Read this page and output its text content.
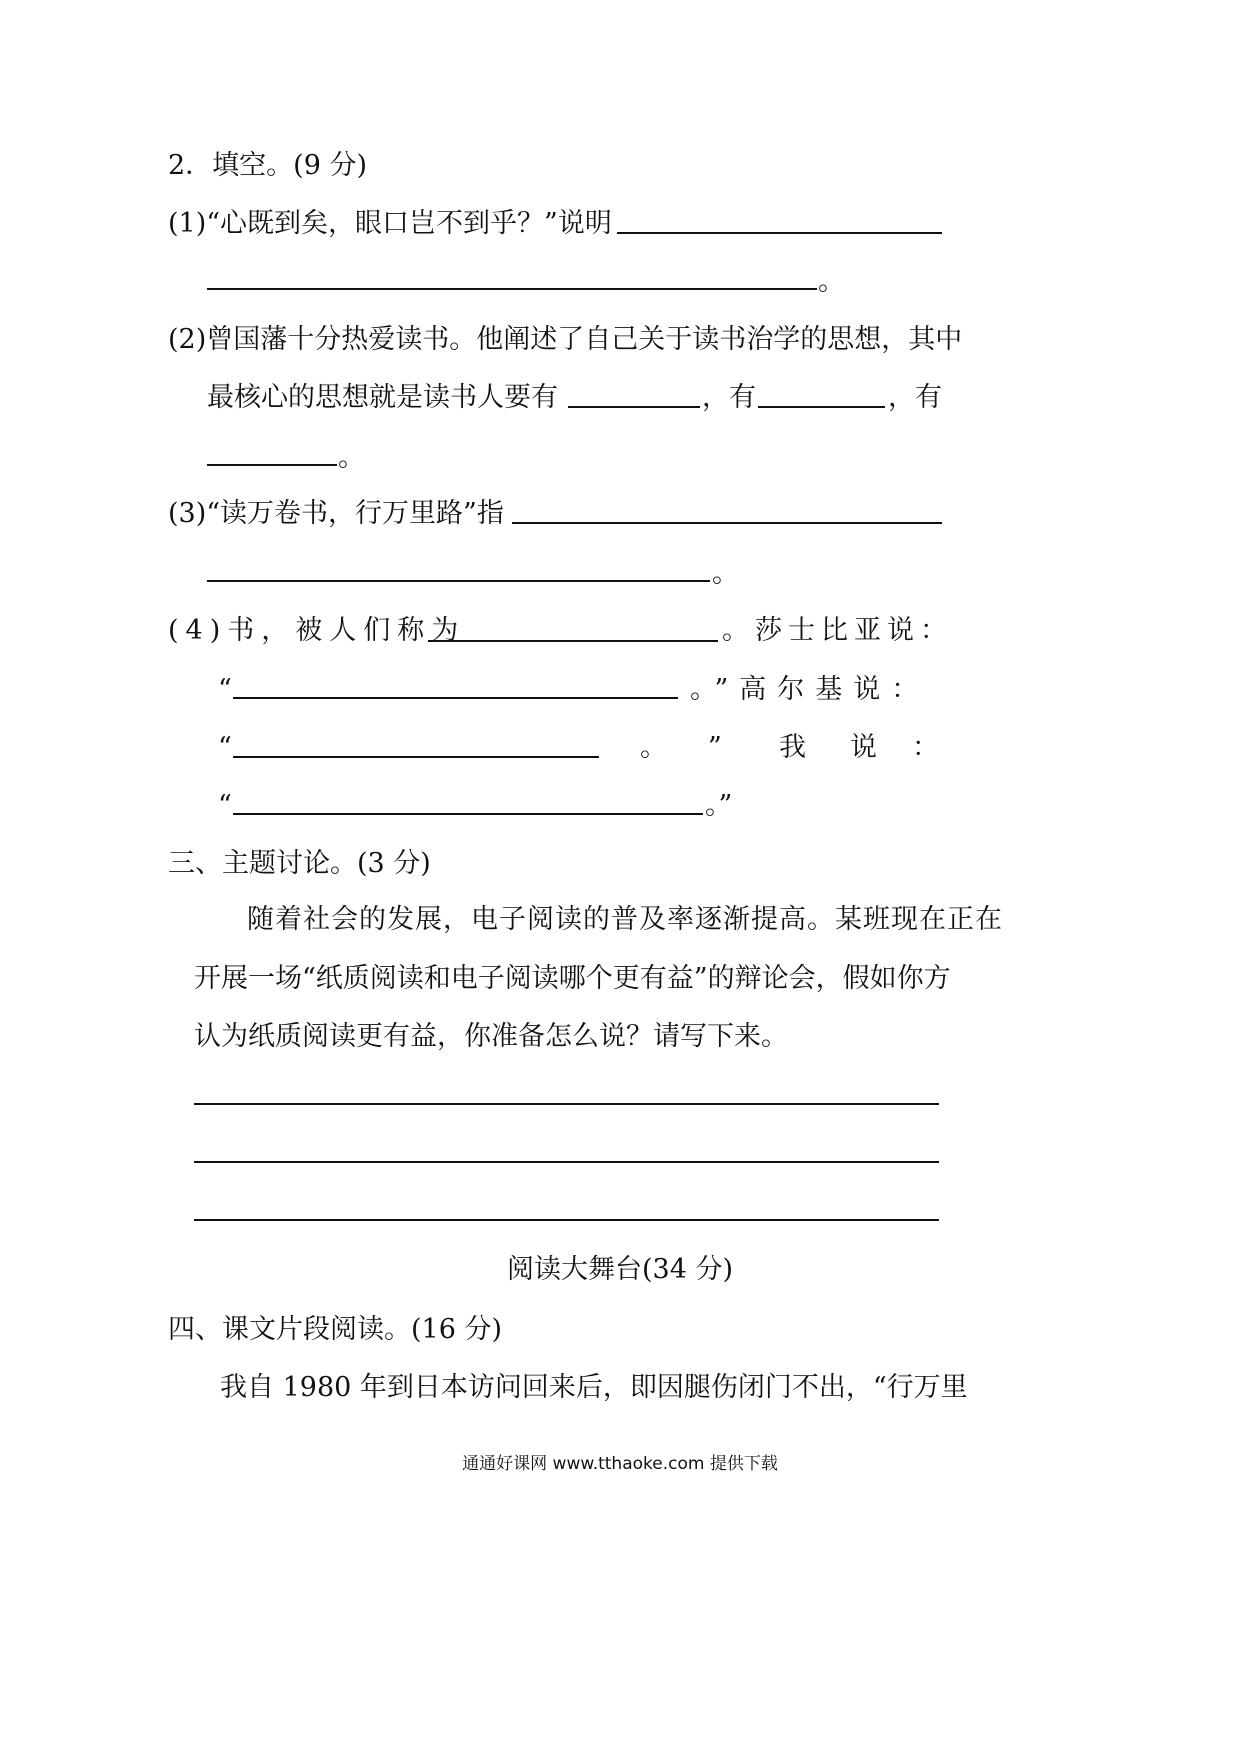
2．填空。(9 分)
(1)“心既到矣，眼口岂不到乎？”说明
。
(2)曾国藩十分热爱读书。他阐述了自己关于读书治学的思想，其中
最核心的思想就是读书人要有	，有	，有
。
(3)“读万卷书，行万里路”指
。
(4)书，被人们称为	。莎士比亚说：
“	。”高尔基说：
“	。 ” 我 说 ：
“	。”
三、主题讨论。(3 分)
随着社会的发展，电子阅读的普及率逐渐提高。某班现在正在
开展一场“纸质阅读和电子阅读哪个更有益”的辩论会，假如你方
认为纸质阅读更有益，你准备怎么说？请写下来。
阅读大舞台(34 分)
四、课文片段阅读。(16 分)
我自 1980 年到日本访问回来后，即因腿伤闭门不出，“行万里
通通好课网 www.tthaoke.com 提供下载
